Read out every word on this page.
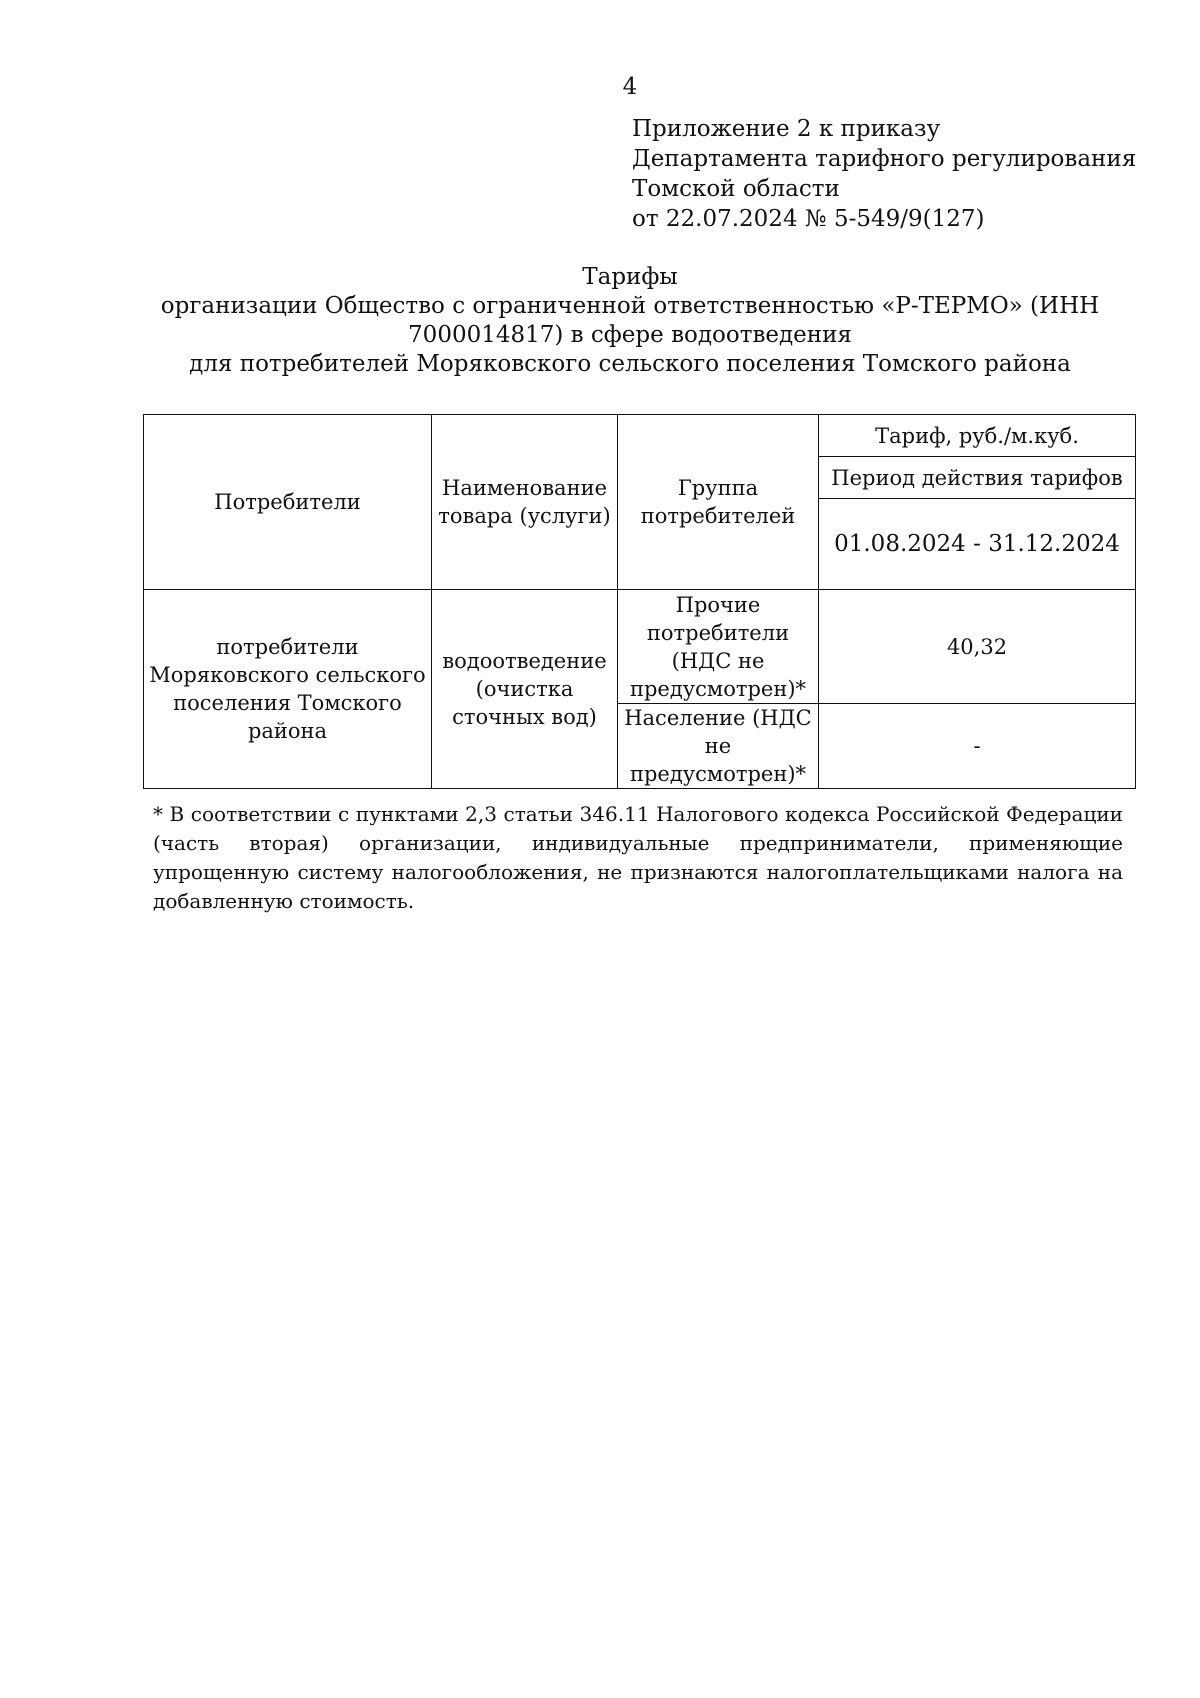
4
Приложение 2 к приказу
Департамента тарифного регулирования
Томской области
от 22.07.2024 № 5-549/9(127)
Тарифы
организации Общество с ограниченной ответственностью «Р-ТЕРМО» (ИНН
7000014817) в сфере водоотведения
для потребителей Моряковского сельского поселения Томского района
Потребители	Наименование товара (услуги)	Группа потребителей	Тариф, руб./м.куб.
			Период действия тарифов
			01.08.2024 - 31.12.2024
потребители Моряковского сельского поселения Томского района	водоотведение (очистка сточных вод)	Прочие потребители (НДС не предусмотрен)*	40,32
		Население (НДС не предусмотрен)*	-
* В соответствии с пунктами 2,3 статьи 346.11 Налогового кодекса Российской Федерации (часть вторая) организации, индивидуальные предприниматели, применяющие упрощенную систему налогообложения, не признаются налогоплательщиками налога на добавленную стоимость.
